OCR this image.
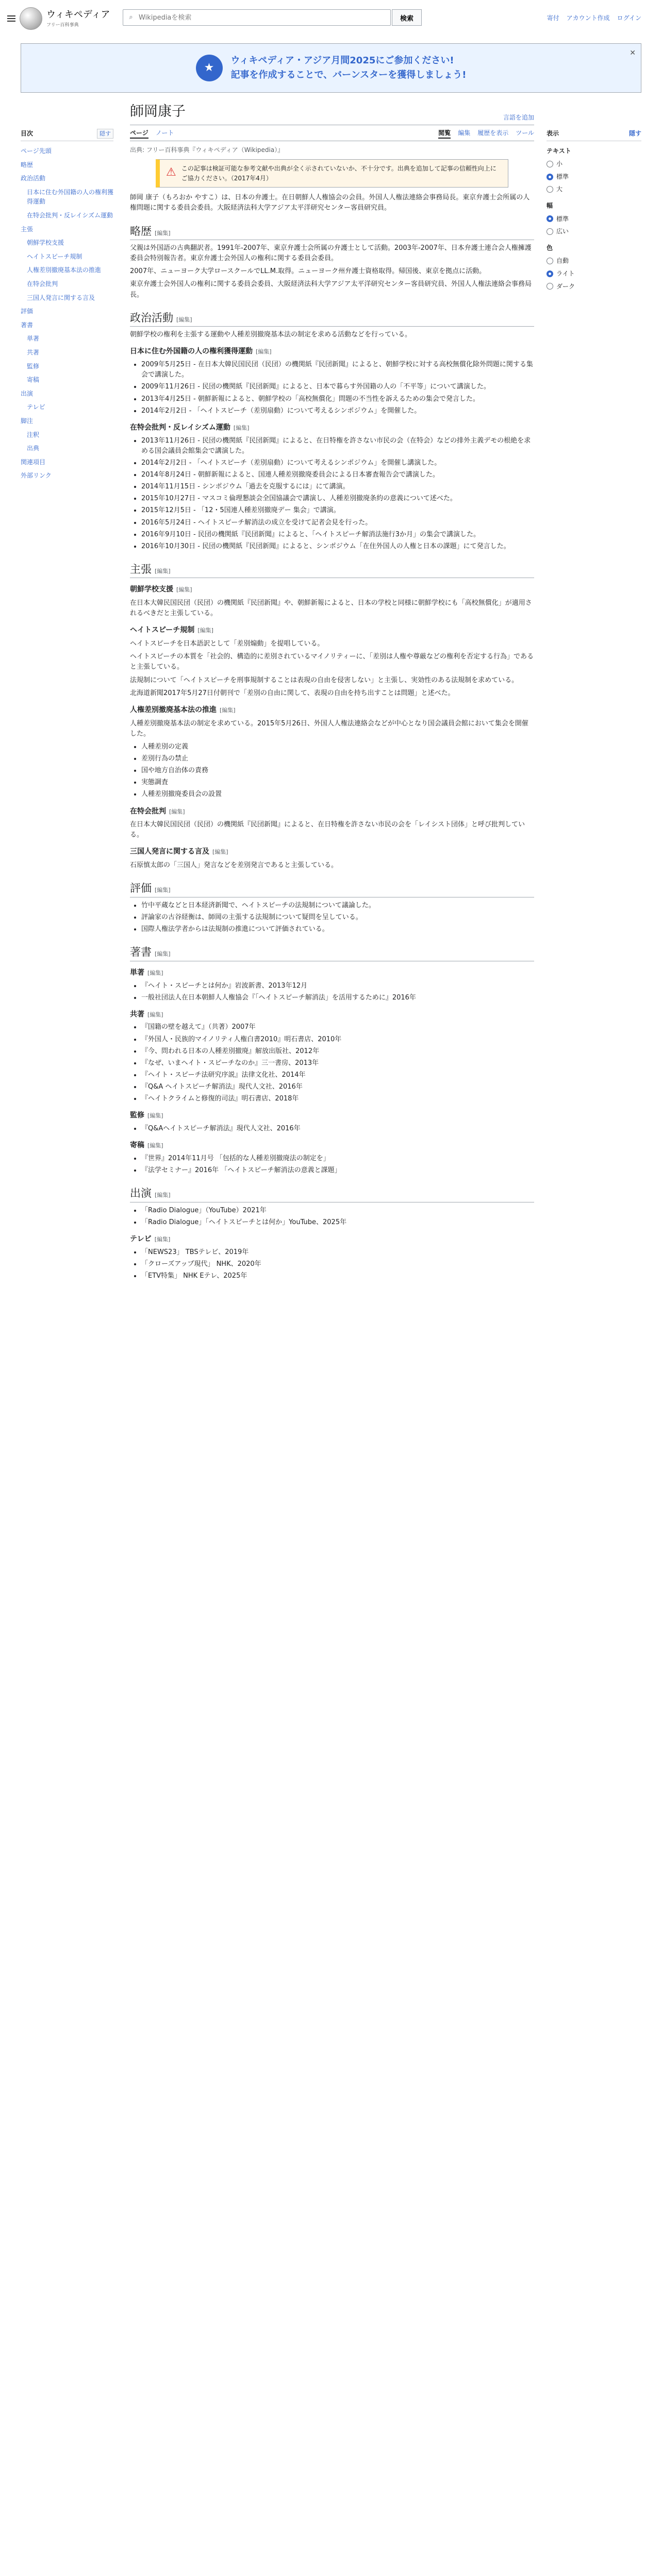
ウィキペディア
フリー百科事典
⌕
Wikipediaを検索	検索	寄付 アカウント作成 ログイン
★
ウィキペディア・アジア月間2025にご参加ください!
記事を作成することで、バーンスターを獲得しましょう!
✕
目次	隠す
ページ先頭
略歴
政治活動
日本に住む外国籍の人の権利獲得運動
在特会批判・反レイシズム運動
主張
朝鮮学校支援
ヘイトスピーチ規制
人権差別撤廃基本法の推進
在特会批判
三国人発言に関する言及
評価
著書
単著
共著
監修
寄稿
出演
テレビ
脚注
注釈
出典
関連項目
外部リンク
表示	隠す
テキスト
小
標準
大
幅
標準
広い
色
自動
ライト
ダーク
師岡康子	言語を追加
ページ ノート	閲覧 編集 履歴を表示 ツール
出典: フリー百科事典『ウィキペディア（Wikipedia）』
⚠ この記事は検証可能な参考文献や出典が全く示されていないか、不十分です。出典を追加して記事の信頼性向上にご協力ください。（2017年4月）

師岡 康子（もろおか やすこ）は、日本の弁護士。在日朝鮮人人権協会の会員。外国人人権法連絡会事務局長。東京弁護士会所属の人権問題に関する委員会委員。大阪経済法科大学アジア太平洋研究センター客員研究員。

略歴 [編集]

父親は外国語の古典翻訳者。1991年-2007年、東京弁護士会所属の弁護士として活動。2003年-2007年、日本弁護士連合会人権擁護委員会特別報告者。東京弁護士会外国人の権利に関する委員会委員。

2007年、ニューヨーク大学ロースクールでLL.M.取得。ニューヨーク州弁護士資格取得。帰国後、東京を拠点に活動。

東京弁護士会外国人の権利に関する委員会委員、大阪経済法科大学アジア太平洋研究センター客員研究員、外国人人権法連絡会事務局長。

政治活動 [編集]

朝鮮学校の権利を主張する運動や人種差別撤廃基本法の制定を求める活動などを行っている。

日本に住む外国籍の人の権利獲得運動 [編集]
• 2009年5月25日 - 在日本大韓民国民団（民団）の機関紙『民団新聞』によると、朝鮮学校に対する高校無償化除外問題に関する集会で講演した。
• 2009年11月26日 - 民団の機関紙『民団新聞』によると、日本で暮らす外国籍の人の「不平等」について講演した。
• 2013年4月25日 - 朝鮮新報によると、朝鮮学校の「高校無償化」問題の不当性を訴えるための集会で発言した。
• 2014年2月2日 - 「ヘイトスピーチ（差別扇動）について考えるシンポジウム」を開催した。
在特会批判・反レイシズム運動 [編集]
• 2013年11月26日 - 民団の機関紙『民団新聞』によると、在日特権を許さない市民の会（在特会）などの排外主義デモの根絶を求める国会議員会館集会で講演した。
• 2014年2月2日 - 「ヘイトスピーチ（差別扇動）について考えるシンポジウム」を開催し講演した。
• 2014年8月24日 - 朝鮮新報によると、国連人種差別撤廃委員会による日本審査報告会で講演した。
• 2014年11月15日 - シンポジウム「過去を克服するには」にて講演。
• 2015年10月27日 - マスコミ倫理懇談会全国協議会で講演し、人種差別撤廃条約の意義について述べた。
• 2015年12月5日 - 「12・5国連人種差別撤廃デー 集会」で講演。
• 2016年5月24日 - ヘイトスピーチ解消法の成立を受けて記者会見を行った。
• 2016年9月10日 - 民団の機関紙『民団新聞』によると、「ヘイトスピーチ解消法施行3か月」の集会で講演した。
• 2016年10月30日 - 民団の機関紙『民団新聞』によると、シンポジウム「在住外国人の人権と日本の課題」にて発言した。
主張 [編集]
朝鮮学校支援 [編集]

在日本大韓民国民団（民団）の機関紙『民団新聞』や、朝鮮新報によると、日本の学校と同様に朝鮮学校にも「高校無償化」が適用されるべきだと主張している。

ヘイトスピーチ規制 [編集]

ヘイトスピーチを日本語訳として「差別煽動」を提唱している。

ヘイトスピーチの本質を「社会的、構造的に差別されているマイノリティーに、「差別は人権や尊厳などの権利を否定する行為」であると主張している。

法規制について「ヘイトスピーチを刑事規制することは表現の自由を侵害しない」と主張し、実効性のある法規制を求めている。

北海道新聞2017年5月27日付朝刊で「差別の自由に関して、表現の自由を持ち出すことは問題」と述べた。

人権差別撤廃基本法の推進 [編集]

人種差別撤廃基本法の制定を求めている。2015年5月26日、外国人人権法連絡会などが中心となり国会議員会館において集会を開催した。

• 人種差別の定義
• 差別行為の禁止
• 国や地方自治体の責務
• 実態調査
• 人種差別撤廃委員会の設置
在特会批判 [編集]

在日本大韓民国民団（民団）の機関紙『民団新聞』によると、在日特権を許さない市民の会を「レイシスト団体」と呼び批判している。

三国人発言に関する言及 [編集]

石原慎太郎の「三国人」発言などを差別発言であると主張している。

評価 [編集]
• 竹中平蔵などと日本経済新聞で、ヘイトスピーチの法規制について議論した。
• 評論家の古谷経衡は、師岡の主張する法規制について疑問を呈している。
• 国際人権法学者からは法規制の推進について評価されている。
著書 [編集]
単著 [編集]
• 『ヘイト・スピーチとは何か』岩波新書、2013年12月
• 一般社団法人在日本朝鮮人人権協会『「ヘイトスピーチ解消法」を活用するために』2016年
共著 [編集]
• 『国籍の壁を越えて』（共著）2007年
• 『外国人・民族的マイノリティ人権白書2010』明石書店、2010年
• 『今、問われる日本の人種差別撤廃』解放出版社、2012年
• 『なぜ、いまヘイト・スピーチなのか』三一書房、2013年
• 『ヘイト・スピーチ法研究序説』法律文化社、2014年
• 『Q&A ヘイトスピーチ解消法』現代人文社、2016年
• 『ヘイトクライムと修復的司法』明石書店、2018年
監修 [編集]
• 『Q&Aヘイトスピーチ解消法』現代人文社、2016年
寄稿 [編集]
• 『世界』2014年11月号 「包括的な人種差別撤廃法の制定を」
• 『法学セミナー』2016年 「ヘイトスピーチ解消法の意義と課題」
出演 [編集]
• 「Radio Dialogue」（YouTube）2021年
• 「Radio Dialogue」「ヘイトスピーチとは何か」YouTube、2025年
テレビ [編集]
• 「NEWS23」 TBSテレビ、2019年
• 「クローズアップ現代」 NHK、2020年
• 「ETV特集」 NHK Eテレ、2025年
